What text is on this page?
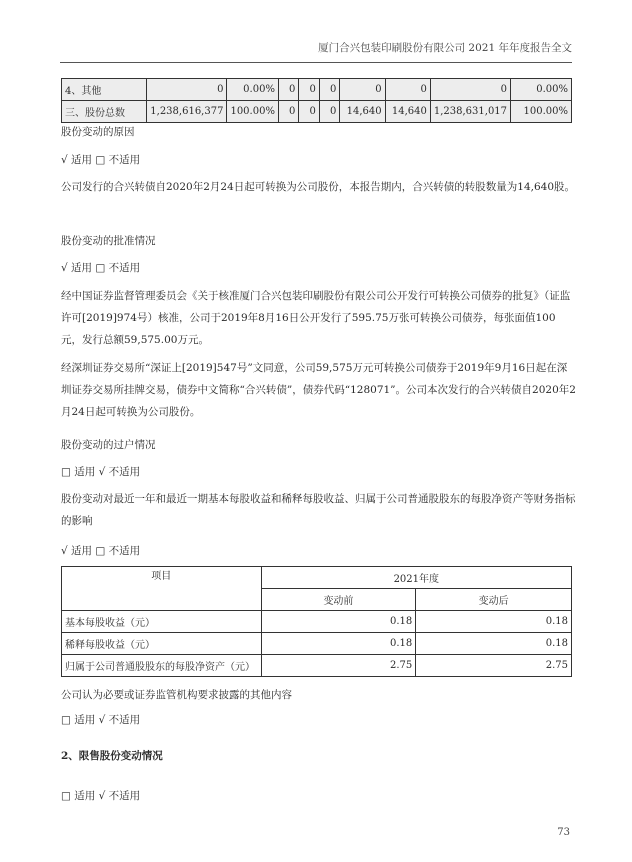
厦门合兴包装印刷股份有限公司 2021 年年度报告全文
4、其他	0	0.00%	0	0	0	0	0	0	0.00%
三、股份总数	1,238,616,377	100.00%	0	0	0	14,640	14,640	1,238,631,017	100.00%
股份变动的原因
√ 适用 □ 不适用
公司发行的合兴转债自2020年2月24日起可转换为公司股份，本报告期内，合兴转债的转股数量为14,640股。
股份变动的批准情况
√ 适用 □ 不适用
经中国证券监督管理委员会《关于核准厦门合兴包装印刷股份有限公司公开发行可转换公司债券的批复》（证监许可[2019]974号）核准，公司于2019年8月16日公开发行了595.75万张可转换公司债券，每张面值100元，发行总额59,575.00万元。
经深圳证券交易所“深证上[2019]547号”文同意，公司59,575万元可转换公司债券于2019年9月16日起在深圳证券交易所挂牌交易，债券中文简称“合兴转债”，债券代码“128071”。公司本次发行的合兴转债自2020年2月24日起可转换为公司股份。
股份变动的过户情况
□ 适用 √ 不适用
股份变动对最近一年和最近一期基本每股收益和稀释每股收益、归属于公司普通股股东的每股净资产等财务指标的影响
√ 适用 □ 不适用
项目	2021年度	
	变动前	变动后
基本每股收益（元）	0.18	0.18
稀释每股收益（元）	0.18	0.18
归属于公司普通股股东的每股净资产（元）	2.75	2.75
公司认为必要或证券监管机构要求披露的其他内容
□ 适用 √ 不适用
2、限售股份变动情况
□ 适用 √ 不适用
73
